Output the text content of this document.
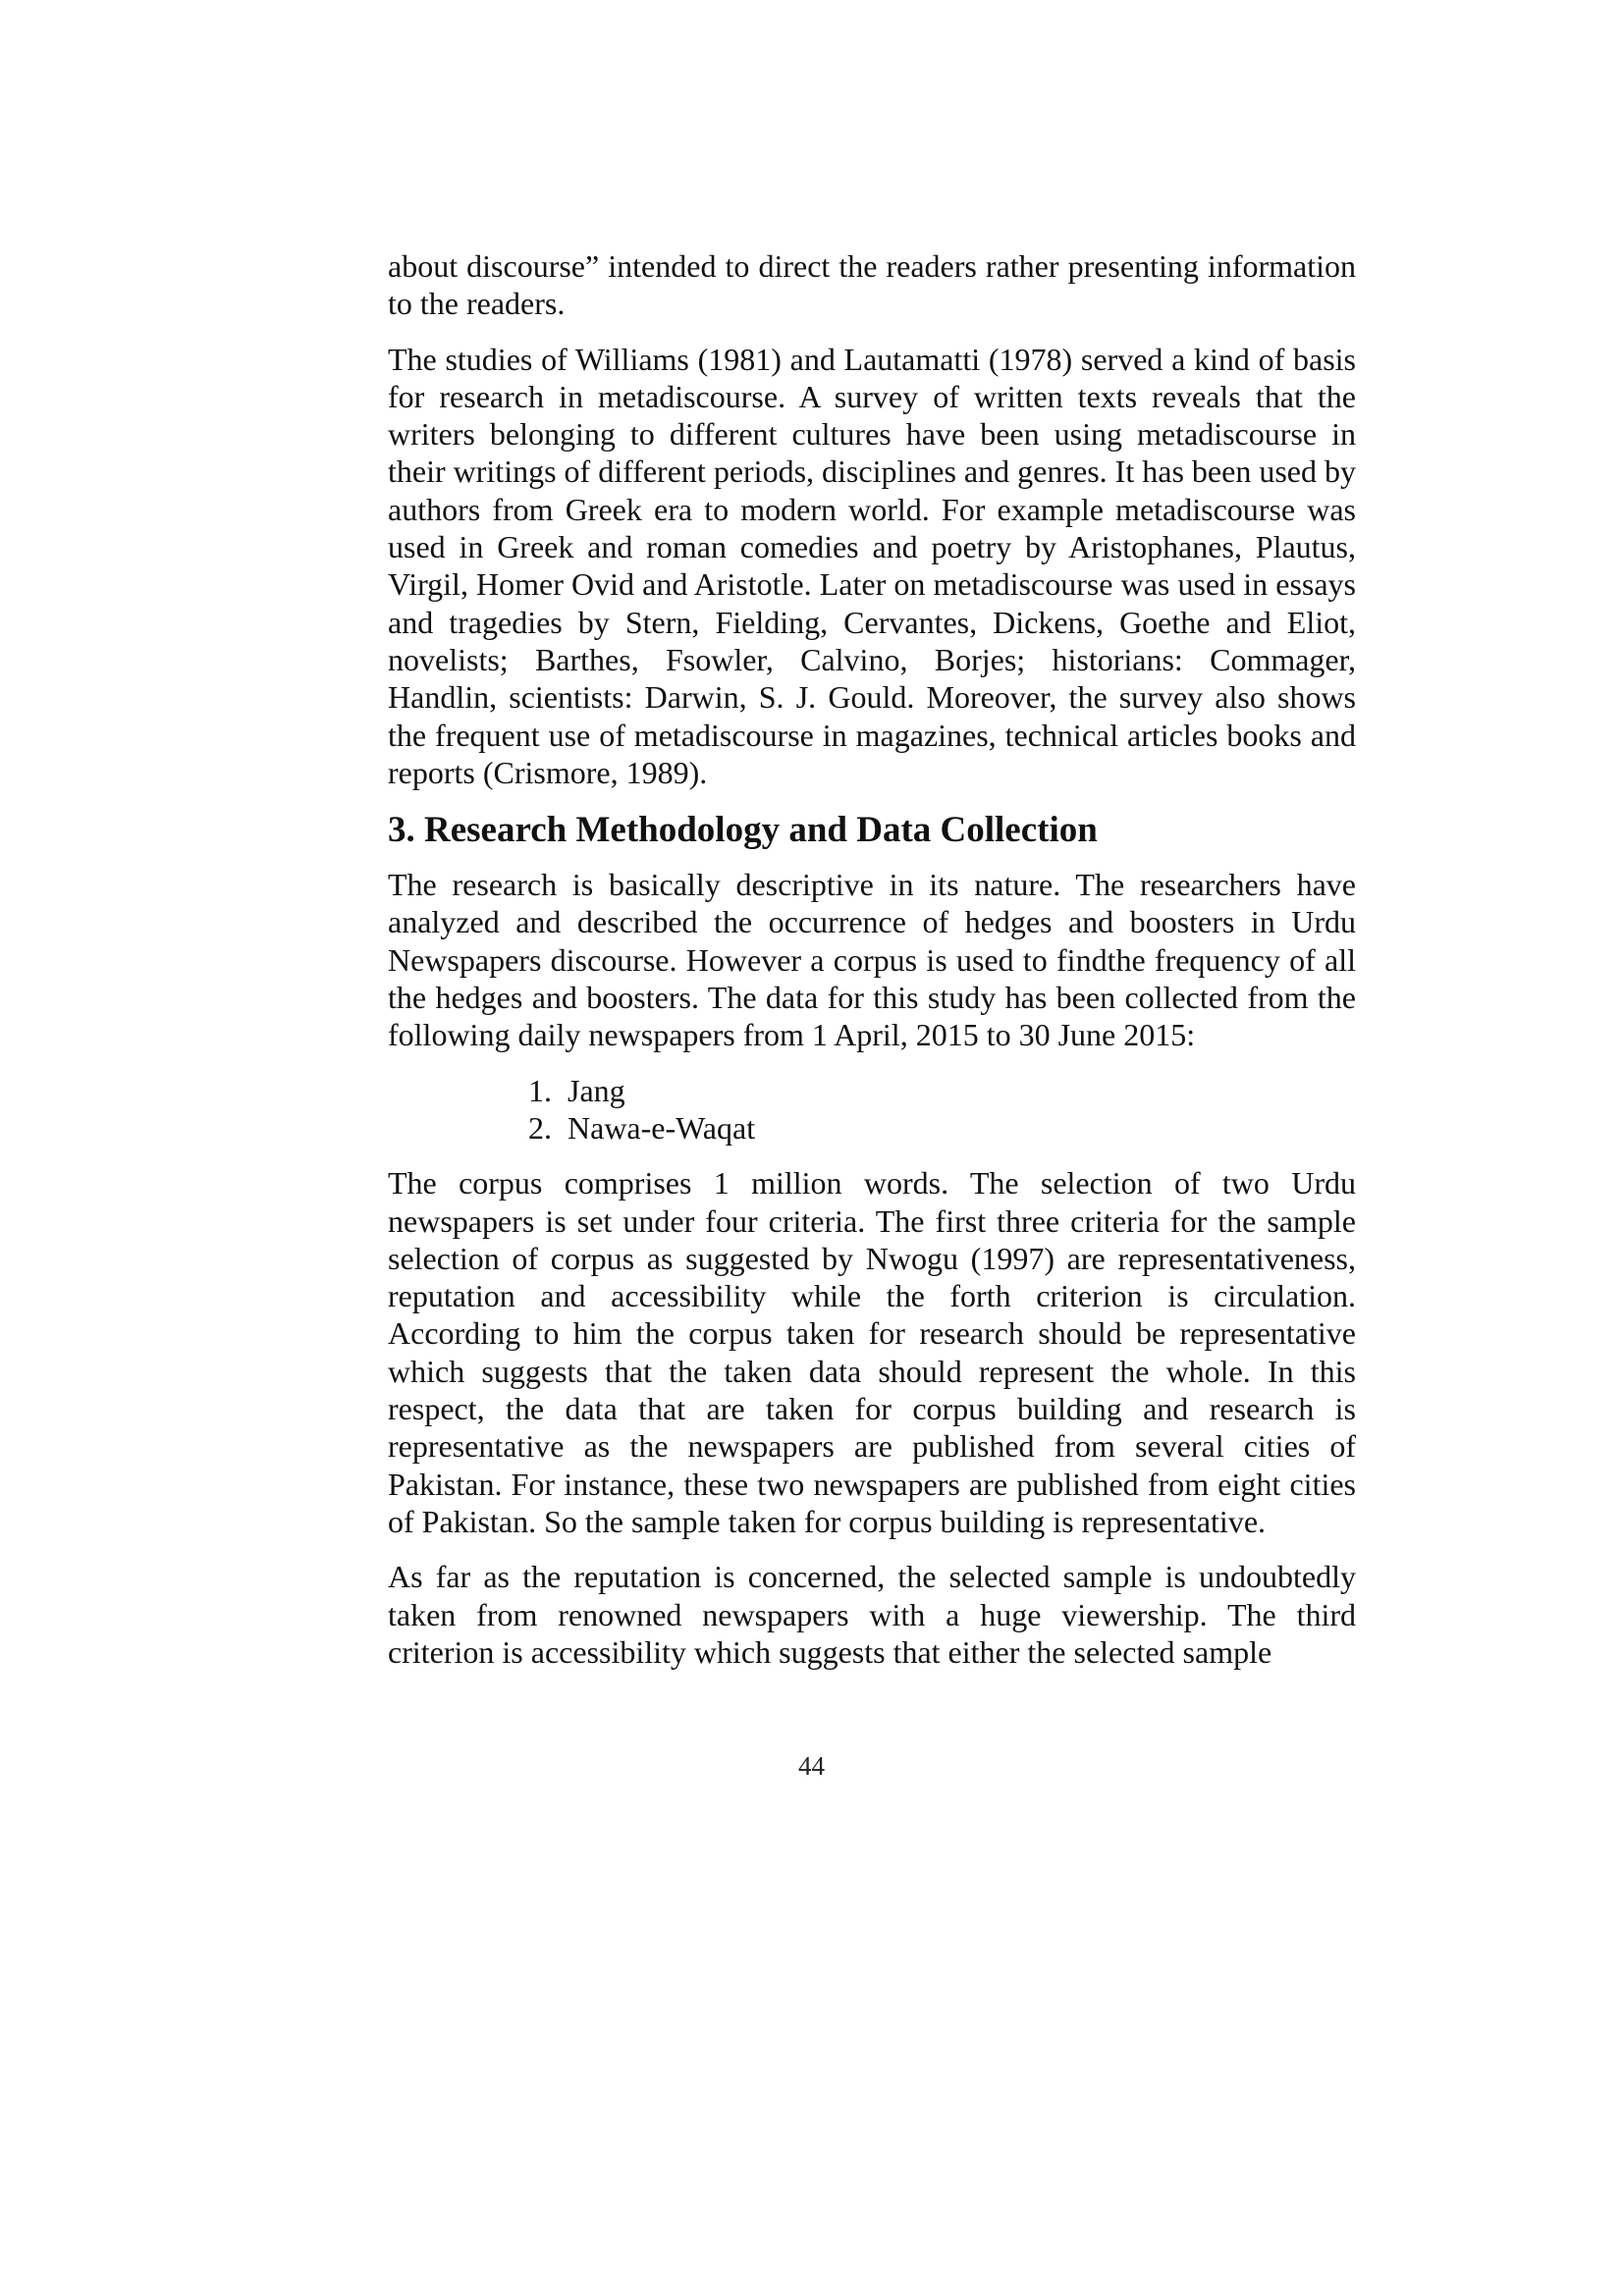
about discourse” intended to direct the readers rather presenting information to the readers.

The studies of Williams (1981) and Lautamatti (1978) served a kind of basis for research in metadiscourse. A survey of written texts reveals that the writers belonging to different cultures have been using metadiscourse in their writings of different periods, disciplines and genres. It has been used by authors from Greek era to modern world. For example metadiscourse was used in Greek and roman comedies and poetry by Aristophanes, Plautus, Virgil, Homer Ovid and Aristotle. Later on metadiscourse was used in essays and tragedies by Stern, Fielding, Cervantes, Dickens, Goethe and Eliot, novelists; Barthes, Fsowler, Calvino, Borjes; historians: Commager, Handlin, scientists: Darwin, S. J. Gould. Moreover, the survey also shows the frequent use of metadiscourse in magazines, technical articles books and reports (Crismore, 1989).

3. Research Methodology and Data Collection

The research is basically descriptive in its nature. The researchers have analyzed and described the occurrence of hedges and boosters in Urdu Newspapers discourse. However a corpus is used to findthe frequency of all the hedges and boosters. The data for this study has been collected from the following daily newspapers from 1 April, 2015 to 30 June 2015:

1. Jang
2. Nawa-e-Waqat

The corpus comprises 1 million words. The selection of two Urdu newspapers is set under four criteria. The first three criteria for the sample selection of corpus as suggested by Nwogu (1997) are representativeness, reputation and accessibility while the forth criterion is circulation. According to him the corpus taken for research should be representative which suggests that the taken data should represent the whole. In this respect, the data that are taken for corpus building and research is representative as the newspapers are published from several cities of Pakistan. For instance, these two newspapers are published from eight cities of Pakistan. So the sample taken for corpus building is representative.

As far as the reputation is concerned, the selected sample is undoubtedly taken from renowned newspapers with a huge viewership. The third criterion is accessibility which suggests that either the selected sample

44
